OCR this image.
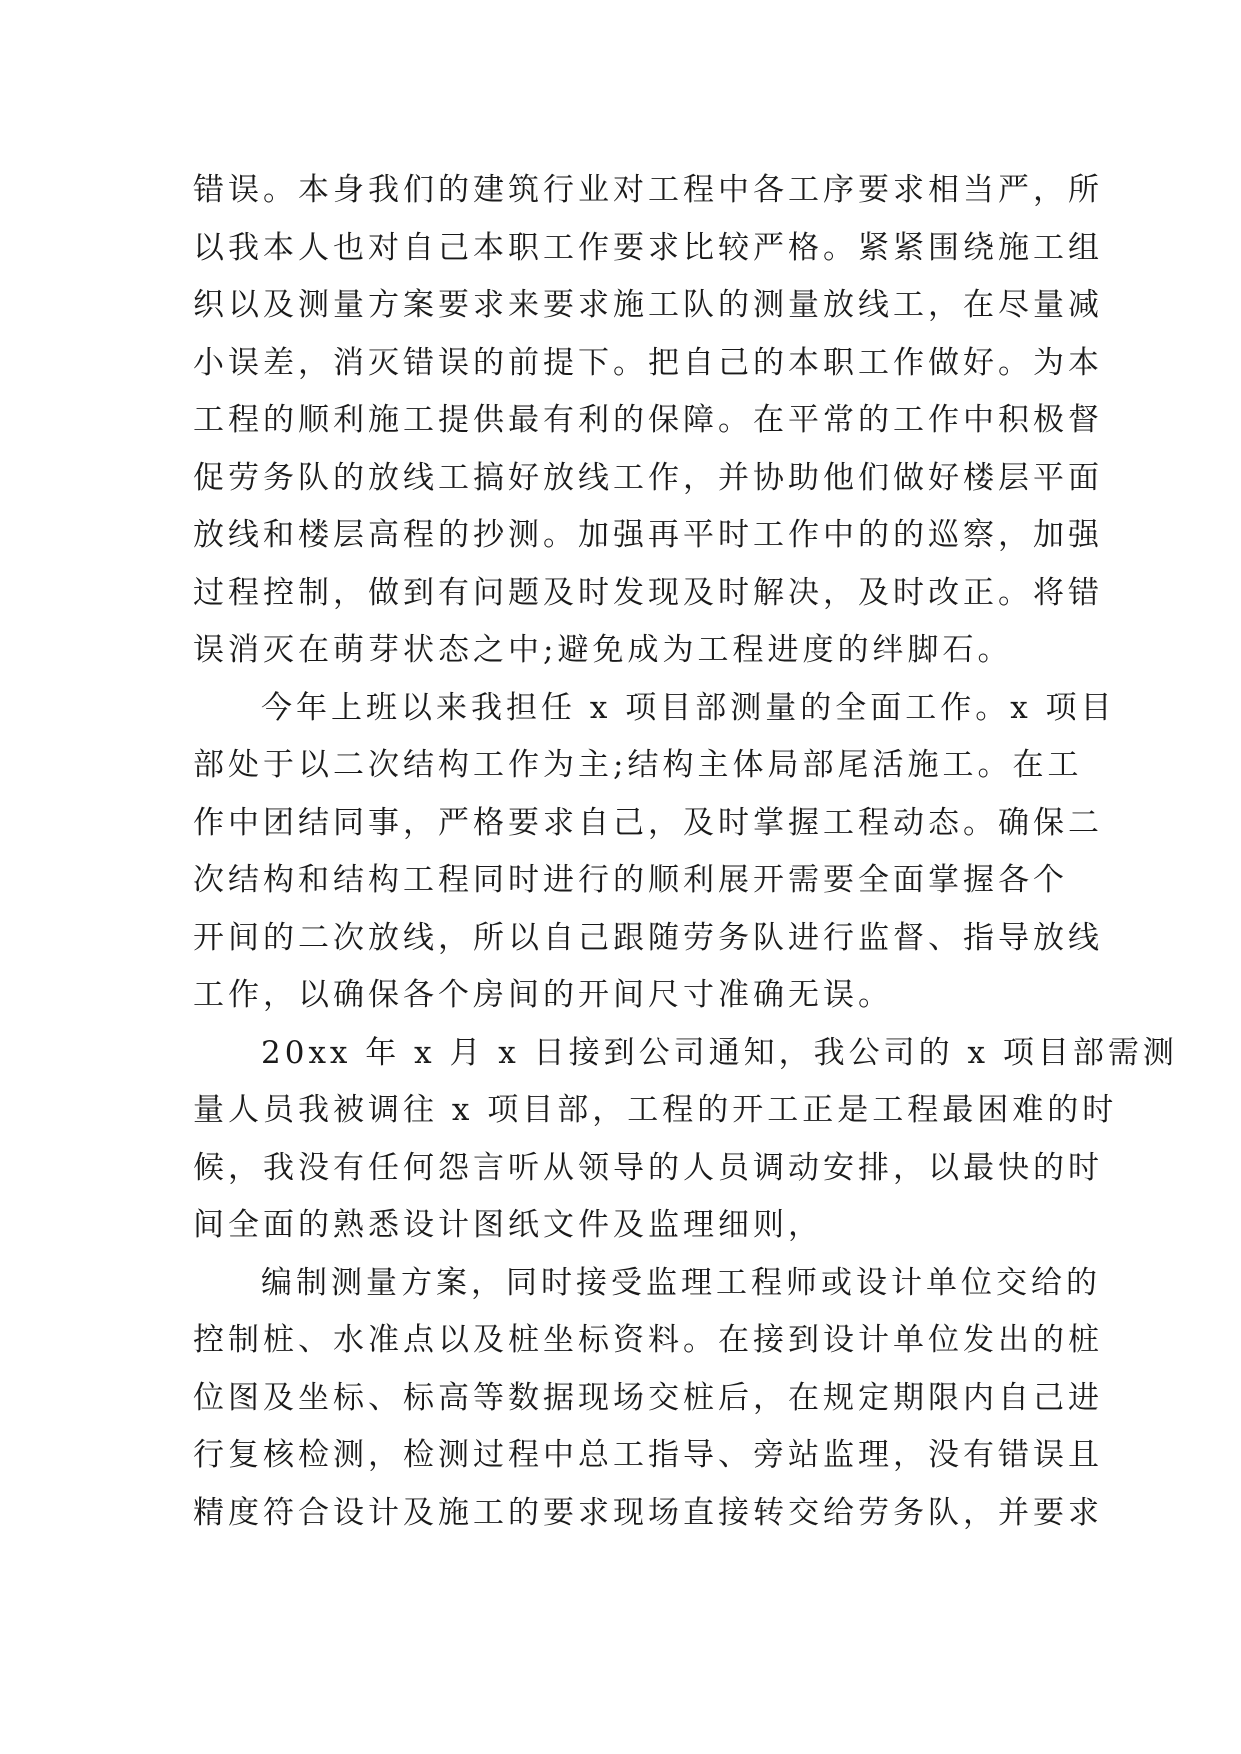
错误。本身我们的建筑行业对工程中各工序要求相当严，所
以我本人也对自己本职工作要求比较严格。紧紧围绕施工组
织以及测量方案要求来要求施工队的测量放线工，在尽量减
小误差，消灭错误的前提下。把自己的本职工作做好。为本
工程的顺利施工提供最有利的保障。在平常的工作中积极督
促劳务队的放线工搞好放线工作，并协助他们做好楼层平面
放线和楼层高程的抄测。加强再平时工作中的的巡察，加强
过程控制，做到有问题及时发现及时解决，及时改正。将错
误消灭在萌芽状态之中;避免成为工程进度的绊脚石。
今年上班以来我担任 x 项目部测量的全面工作。x 项目
部处于以二次结构工作为主;结构主体局部尾活施工。在工
作中团结同事，严格要求自己，及时掌握工程动态。确保二
次结构和结构工程同时进行的顺利展开需要全面掌握各个
开间的二次放线，所以自己跟随劳务队进行监督、指导放线
工作，以确保各个房间的开间尺寸准确无误。
20xx 年 x 月 x 日接到公司通知，我公司的 x 项目部需测
量人员我被调往 x 项目部，工程的开工正是工程最困难的时
候，我没有任何怨言听从领导的人员调动安排，以最快的时
间全面的熟悉设计图纸文件及监理细则，
编制测量方案，同时接受监理工程师或设计单位交给的
控制桩、水准点以及桩坐标资料。在接到设计单位发出的桩
位图及坐标、标高等数据现场交桩后，在规定期限内自己进
行复核检测，检测过程中总工指导、旁站监理，没有错误且
精度符合设计及施工的要求现场直接转交给劳务队，并要求
